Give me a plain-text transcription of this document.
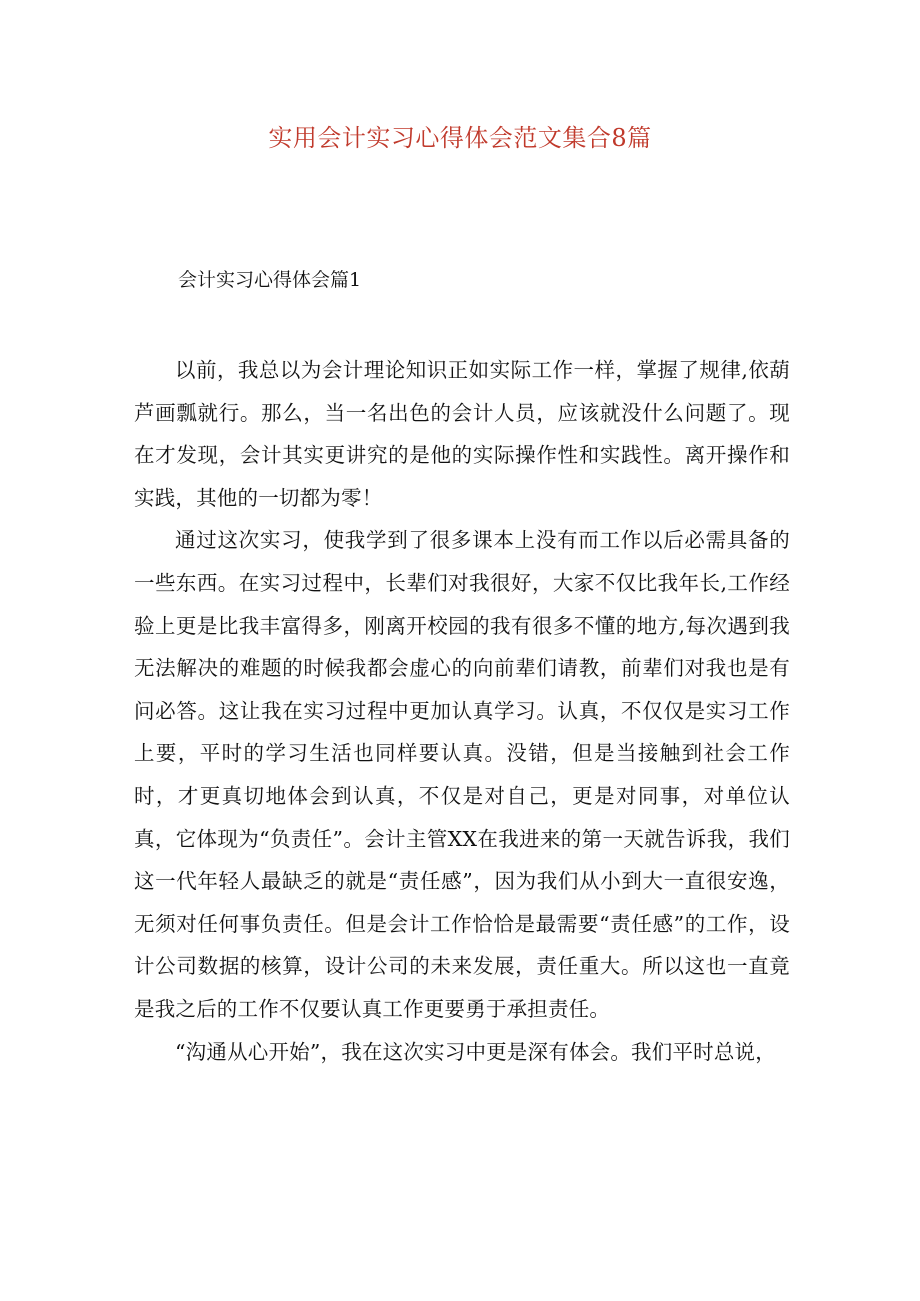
实用会计实习心得体会范文集合8篇
会计实习心得体会篇1

以前，我总以为会计理论知识正如实际工作一样，掌握了规律,依葫芦画瓢就行。那么，当一名出色的会计人员，应该就没什么问题了。现在才发现，会计其实更讲究的是他的实际操作性和实践性。离开操作和实践，其他的一切都为零！

通过这次实习，使我学到了很多课本上没有而工作以后必需具备的一些东西。在实习过程中，长辈们对我很好，大家不仅比我年长,工作经验上更是比我丰富得多，刚离开校园的我有很多不懂的地方,每次遇到我无法解决的难题的时候我都会虚心的向前辈们请教，前辈们对我也是有问必答。这让我在实习过程中更加认真学习。认真，不仅仅是实习工作上要，平时的学习生活也同样要认真。没错，但是当接触到社会工作时，才更真切地体会到认真，不仅是对自己，更是对同事，对单位认真，它体现为“负责任”。会计主管XX在我进来的第一天就告诉我，我们这一代年轻人最缺乏的就是“责任感”，因为我们从小到大一直很安逸，无须对任何事负责任。但是会计工作恰恰是最需要“责任感”的工作，设计公司数据的核算，设计公司的未来发展，责任重大。所以这也一直竟是我之后的工作不仅要认真工作更要勇于承担责任。

“沟通从心开始”，我在这次实习中更是深有体会。我们平时总说，
